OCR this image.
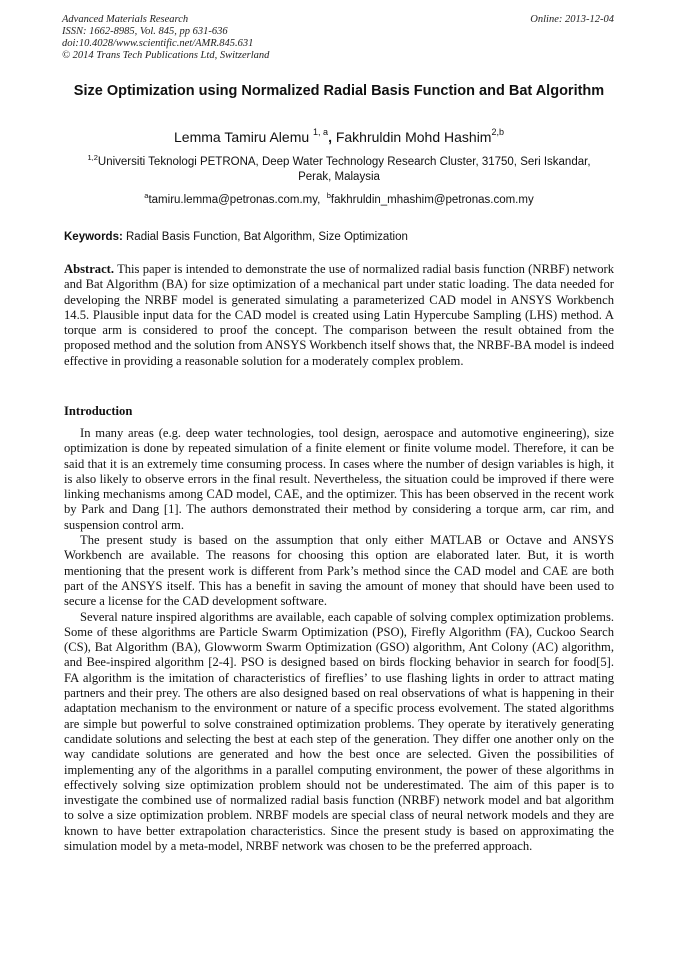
Advanced Materials Research
ISSN: 1662-8985, Vol. 845, pp 631-636
doi:10.4028/www.scientific.net/AMR.845.631
© 2014 Trans Tech Publications Ltd, Switzerland
Online: 2013-12-04
Size Optimization using Normalized Radial Basis Function and Bat Algorithm
Lemma Tamiru Alemu $^{1, a}$, Fakhruldin Mohd Hashim$^{2,b}$
$^{1,2}$Universiti Teknologi PETRONA, Deep Water Technology Research Cluster, 31750, Seri Iskandar, Perak, Malaysia
$^a$tamiru.lemma@petronas.com.my, $^b$fakhruldin_mhashim@petronas.com.my
Keywords: Radial Basis Function, Bat Algorithm, Size Optimization
Abstract. This paper is intended to demonstrate the use of normalized radial basis function (NRBF) network and Bat Algorithm (BA) for size optimization of a mechanical part under static loading. The data needed for developing the NRBF model is generated simulating a parameterized CAD model in ANSYS Workbench 14.5. Plausible input data for the CAD model is created using Latin Hypercube Sampling (LHS) method. A torque arm is considered to proof the concept. The comparison between the result obtained from the proposed method and the solution from ANSYS Workbench itself shows that, the NRBF-BA model is indeed effective in providing a reasonable solution for a moderately complex problem.
Introduction

In many areas (e.g. deep water technologies, tool design, aerospace and automotive engineering), size optimization is done by repeated simulation of a finite element or finite volume model. Therefore, it can be said that it is an extremely time consuming process. In cases where the number of design variables is high, it is also likely to observe errors in the final result. Nevertheless, the situation could be improved if there were linking mechanisms among CAD model, CAE, and the optimizer. This has been observed in the recent work by Park and Dang [1]. The authors demonstrated their method by considering a torque arm, car rim, and suspension control arm.

The present study is based on the assumption that only either MATLAB or Octave and ANSYS Workbench are available. The reasons for choosing this option are elaborated later. But, it is worth mentioning that the present work is different from Park’s method since the CAD model and CAE are both part of the ANSYS itself. This has a benefit in saving the amount of money that should have been used to secure a license for the CAD development software.

Several nature inspired algorithms are available, each capable of solving complex optimization problems. Some of these algorithms are Particle Swarm Optimization (PSO), Firefly Algorithm (FA), Cuckoo Search (CS), Bat Algorithm (BA), Glowworm Swarm Optimization (GSO) algorithm, Ant Colony (AC) algorithm, and Bee-inspired algorithm [2-4]. PSO is designed based on birds flocking behavior in search for food[5]. FA algorithm is the imitation of characteristics of fireflies’ to use flashing lights in order to attract mating partners and their prey. The others are also designed based on real observations of what is happening in their adaptation mechanism to the environment or nature of a specific process evolvement. The stated algorithms are simple but powerful to solve constrained optimization problems. They operate by iteratively generating candidate solutions and selecting the best at each step of the generation. They differ one another only on the way candidate solutions are generated and how the best once are selected. Given the possibilities of implementing any of the algorithms in a parallel computing environment, the power of these algorithms in effectively solving size optimization problem should not be underestimated. The aim of this paper is to investigate the combined use of normalized radial basis function (NRBF) network model and bat algorithm to solve a size optimization problem. NRBF models are special class of neural network models and they are known to have better extrapolation characteristics. Since the present study is based on approximating the simulation model by a meta-model, NRBF network was chosen to be the preferred approach.
